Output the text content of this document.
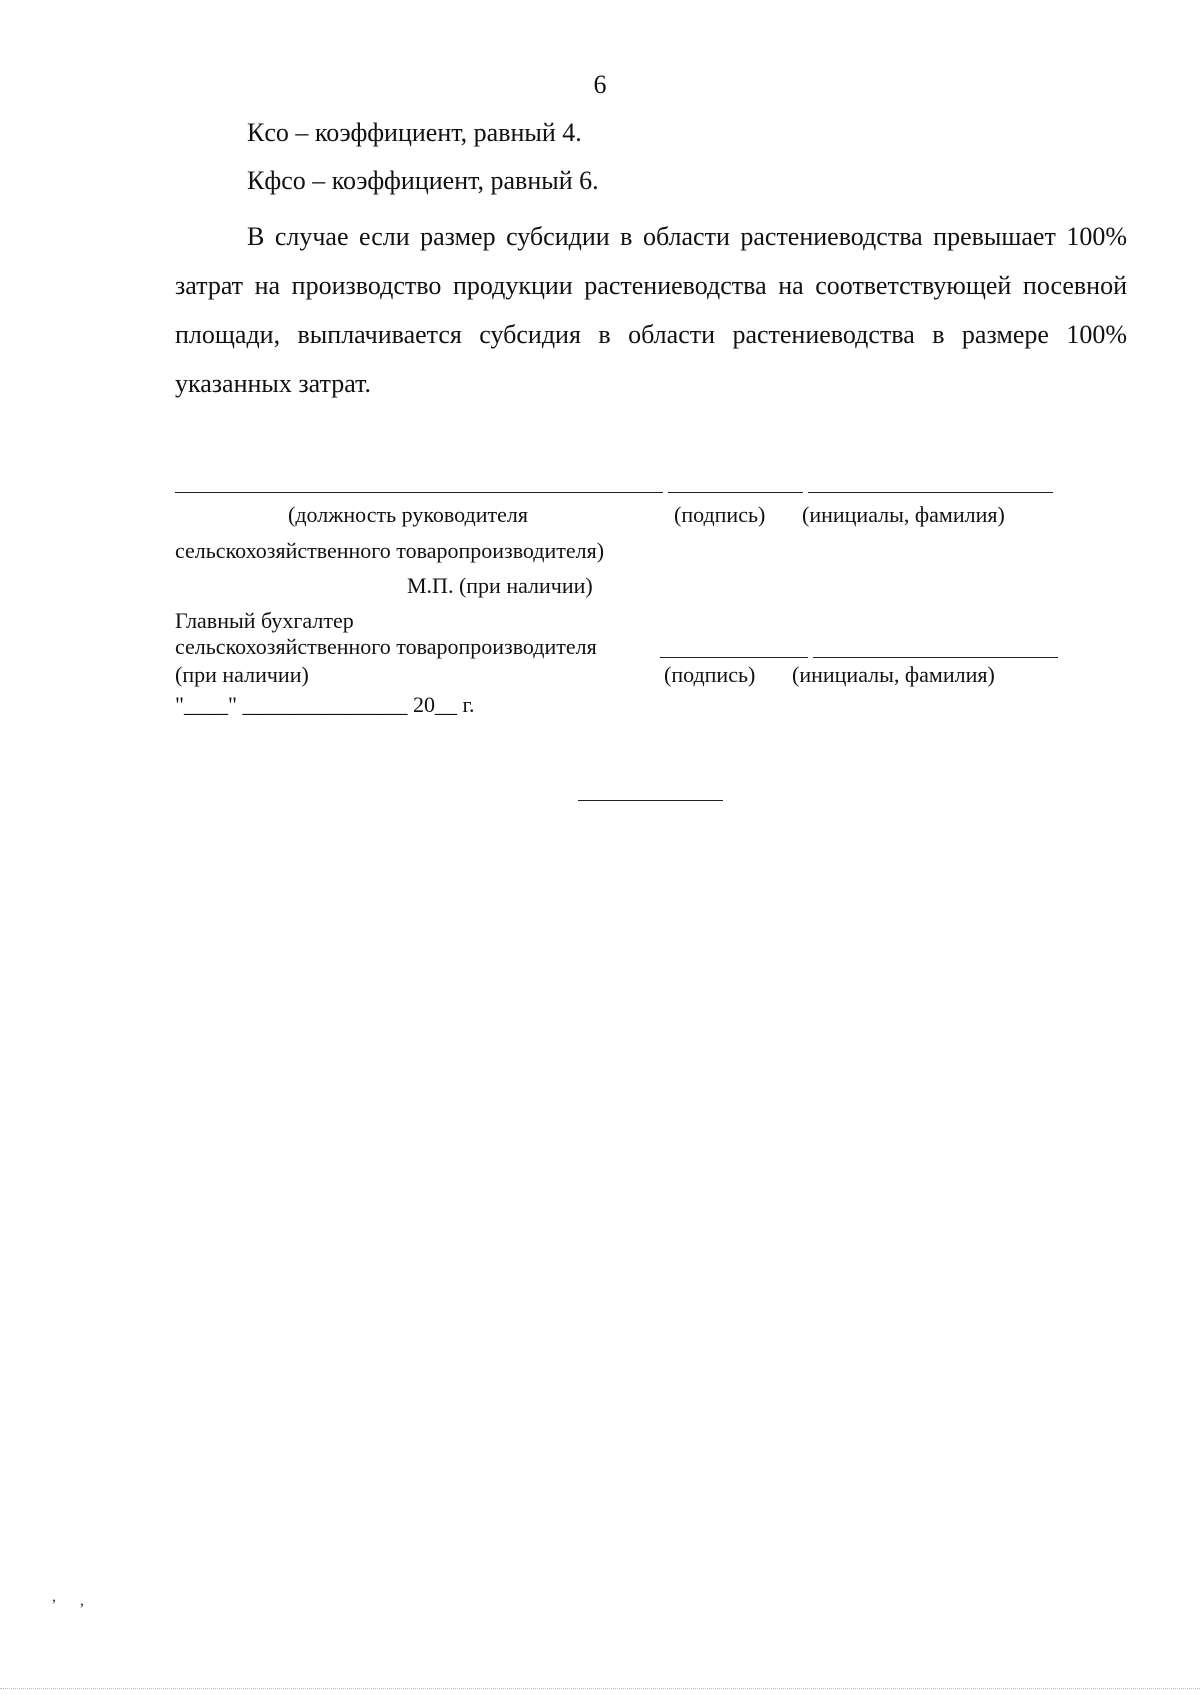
6
Кco – коэффициент, равный 4.
Кфсо – коэффициент, равный 6.
В случае если размер субсидии в области растениеводства превышает 100% затрат на производство продукции растениеводства на соответствующей посевной площади, выплачивается субсидия в области растениеводства в размере 100% указанных затрат.
(должность руководителя	(подпись) (инициалы, фамилия)
сельскохозяйственного товаропроизводителя)
М.П. (при наличии)
Главный бухгалтер
сельскохозяйственного товаропроизводителя
(при наличии)	(подпись) (инициалы, фамилия)
"____" _______________ 20__ г.
, ,
